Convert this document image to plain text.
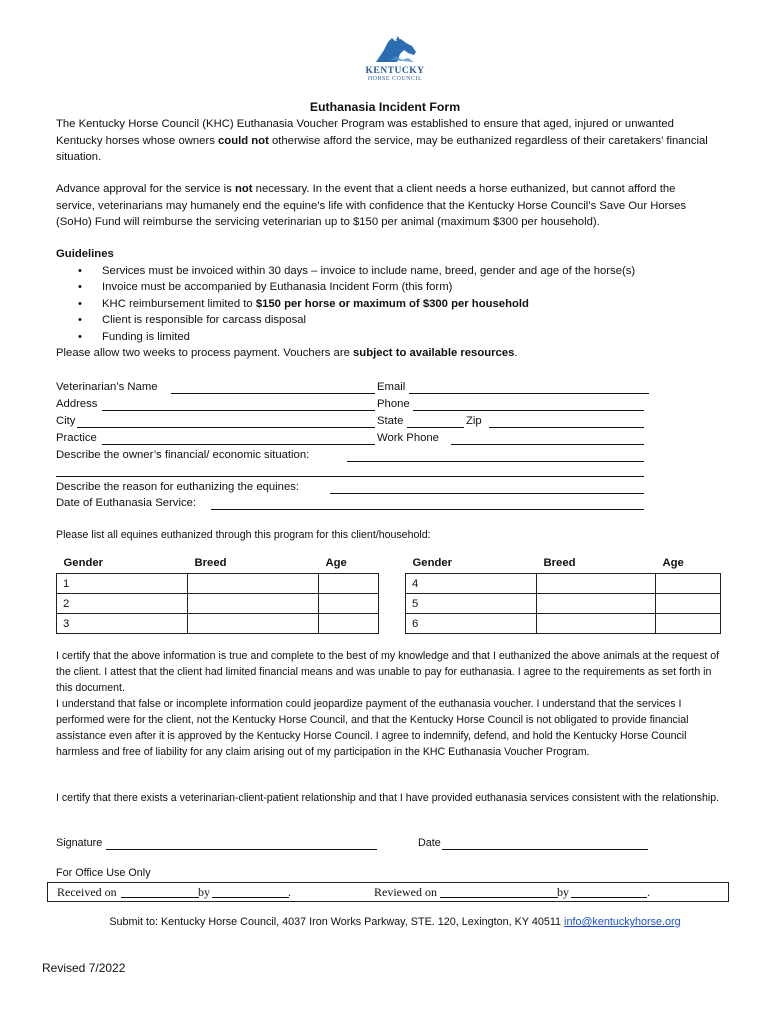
KENTUCKY
HORSE COUNCIL
Euthanasia Incident Form
The Kentucky Horse Council (KHC) Euthanasia Voucher Program was established to ensure that aged, injured or unwanted Kentucky horses whose owners could not otherwise afford the service, may be euthanized regardless of their caretakers’ financial situation.
Advance approval for the service is not necessary. In the event that a client needs a horse euthanized, but cannot afford the service, veterinarians may humanely end the equine’s life with confidence that the Kentucky Horse Council’s Save Our Horses (SoHo) Fund will reimburse the servicing veterinarian up to $150 per animal (maximum $300 per household).
Guidelines
• Services must be invoiced within 30 days – invoice to include name, breed, gender and age of the horse(s)
• Invoice must be accompanied by Euthanasia Incident Form (this form)
• KHC reimbursement limited to $150 per horse or maximum of $300 per household
• Client is responsible for carcass disposal
• Funding is limited
Please allow two weeks to process payment. Vouchers are subject to available resources.
Veterinarian’s Name	Email
Address	Phone
City	State	Zip
Practice	Work Phone
Describe the owner’s financial/ economic situation:
Describe the reason for euthanizing the equines:
Date of Euthanasia Service:
Please list all equines euthanized through this program for this client/household:
Gender	Breed	Age
1		
2		
3		
Gender	Breed	Age
4		
5		
6		
I certify that the above information is true and complete to the best of my knowledge and that I euthanized the above animals at the request of the client. I attest that the client had limited financial means and was unable to pay for euthanasia. I agree to the requirements as set forth in this document.
I understand that false or incomplete information could jeopardize payment of the euthanasia voucher. I understand that the services I performed were for the client, not the Kentucky Horse Council, and that the Kentucky Horse Council is not obligated to provide financial assistance even after it is approved by the Kentucky Horse Council. I agree to indemnify, defend, and hold the Kentucky Horse Council harmless and free of liability for any claim arising out of my participation in the KHC Euthanasia Voucher Program.
I certify that there exists a veterinarian-client-patient relationship and that I have provided euthanasia services consistent with the relationship.
Signature	Date
For Office Use Only
Received on	by	.	Reviewed on	by	.
Submit to: Kentucky Horse Council, 4037 Iron Works Parkway, STE. 120, Lexington, KY 40511 info@kentuckyhorse.org
Revised 7/2022
